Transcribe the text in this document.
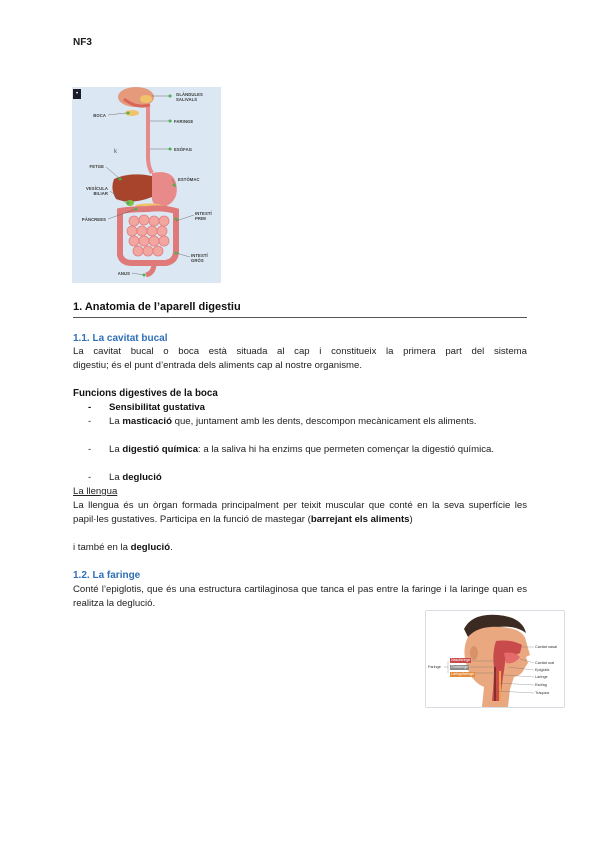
NF3
k
•	GLÀNDULES
SALIVALS
BOCA
FARINGE
ESÒFAG
FETGE
ESTÒMAC
VESÍCULA
BILIAR
PÀNCREES
INTESTÍ
PRIM
INTESTÍ
GRÒS
ANUS
1. Anatomia de l’aparell digestiu
1.1. La cavitat bucal
La cavitat bucal o boca està situada al cap i constitueix la primera part del sistema
digestiu; és el punt d’entrada dels aliments cap al nostre organisme.
Funcions digestives de la boca
-	Sensibilitat gustativa
-	La masticació que, juntament amb les dents, descompon mecànicament els aliments.
-	La digestió química: a la saliva hi ha enzims que permeten començar la digestió química.
-	La deglució
La llengua
La llengua és un òrgan formada principalment per teixit muscular que conté en la seva superfície les papil·les gustatives. Participa en la funció de mastegar (barrejant els aliments)
i també en la deglució.
1.2. La faringe
Conté l’epiglotis, que és una estructura cartilaginosa que tanca el pas entre la faringe i la laringe quan es realitza la deglució.
Faringe
Nasofaringe
Orofaringe
Laringofaringe
Cavitat nasal
Cavitat oral
Epiglotis
Laringe
Esòfag
Tràquea
